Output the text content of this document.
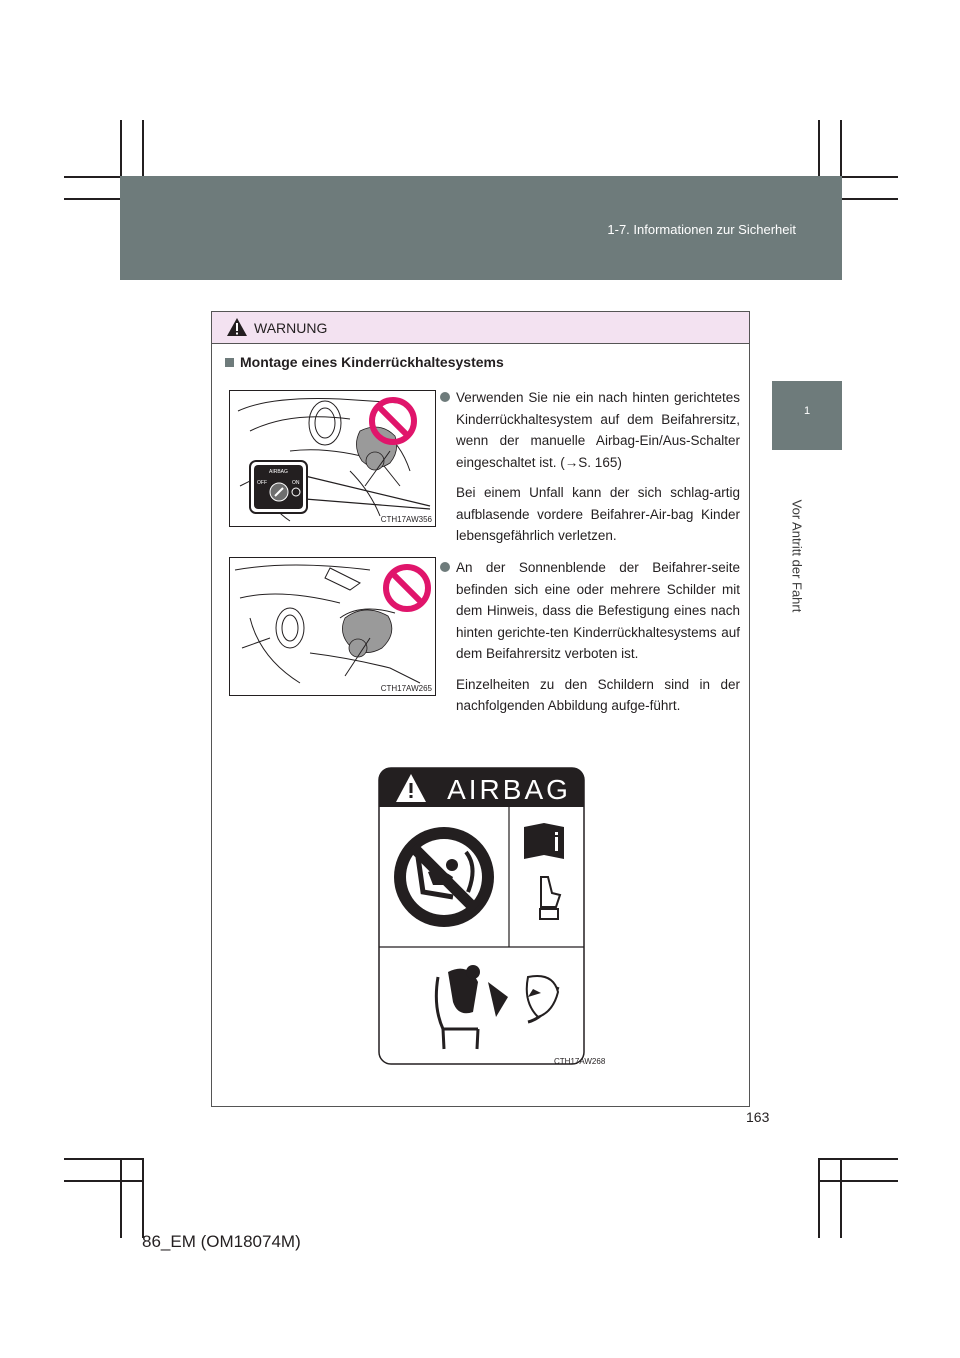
1-7. Informationen zur Sicherheit
1
Vor Antritt der Fahrt
WARNUNG
Montage eines Kinderrückhaltesystems
AIRBAG
OFF	ON
CTH17AW356
CTH17AW265

Verwenden Sie nie ein nach hinten gerichtetes Kinderrückhaltesystem auf dem Beifahrersitz, wenn der manuelle Airbag-Ein/Aus-Schalter eingeschaltet ist. (→S. 165)

Bei einem Unfall kann der sich schlag-artig aufblasende vordere Beifahrer-Air-bag Kinder lebensgefährlich verletzen.

An der Sonnenblende der Beifahrer-seite befinden sich eine oder mehrere Schilder mit dem Hinweis, dass die Befestigung eines nach hinten gerichte-ten Kinderrückhaltesystems auf dem Beifahrersitz verboten ist.

Einzelheiten zu den Schildern sind in der nachfolgenden Abbildung aufge-führt.

AIRBAG
CTH17AW268
163
86_EM (OM18074M)
